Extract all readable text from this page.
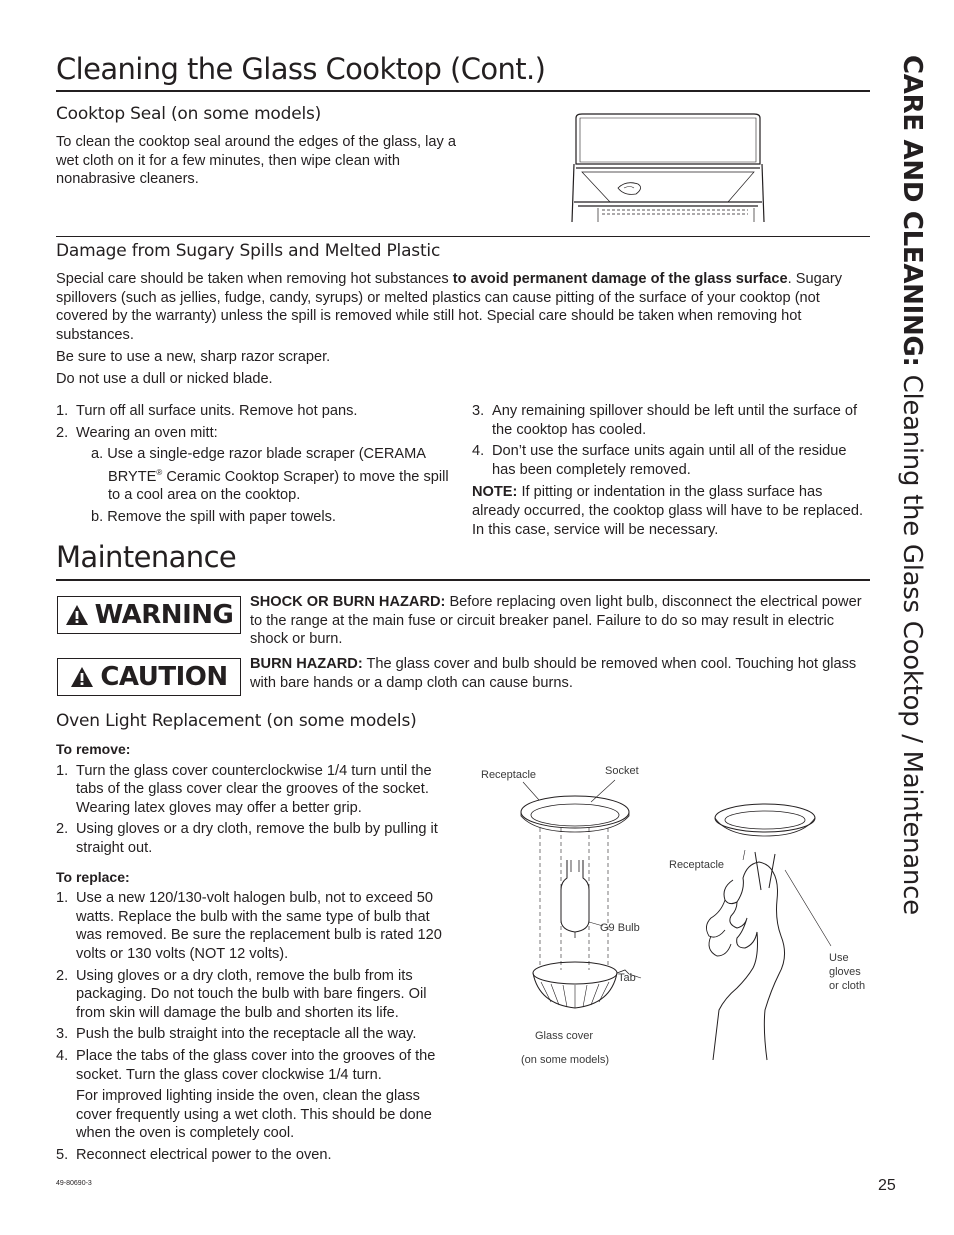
Cleaning the Glass Cooktop (Cont.)	CARE AND CLEANING: Cleaning the Glass Cooktop / Maintenance
Cooktop Seal (on some models)
To clean the cooktop seal around the edges of the glass, lay a wet cloth on it for a few minutes, then wipe clean with nonabrasive cleaners.
Damage from Sugary Spills and Melted Plastic
Special care should be taken when removing hot substances to avoid permanent damage of the glass surface. Sugary spillovers (such as jellies, fudge, candy, syrups) or melted plastics can cause pitting of the surface of your cooktop (not covered by the warranty) unless the spill is removed while still hot. Special care should be taken when removing hot substances.
Be sure to use a new, sharp razor scraper.
Do not use a dull or nicked blade.
1. Turn off all surface units. Remove hot pans.
2. Wearing an oven mitt:
a. Use a single-edge razor blade scraper (CERAMA BRYTE® Ceramic Cooktop Scraper) to move the spill to a cool area on the cooktop.
b. Remove the spill with paper towels.
3. Any remaining spillover should be left until the surface of the cooktop has cooled.
4. Don’t use the surface units again until all of the residue has been completely removed.
NOTE: If pitting or indentation in the glass surface has already occurred, the cooktop glass will have to be replaced. In this case, service will be necessary.
Maintenance
WARNING SHOCK OR BURN HAZARD: Before replacing oven light bulb, disconnect the electrical power to the range at the main fuse or circuit breaker panel. Failure to do so may result in electric shock or burn.
CAUTION BURN HAZARD: The glass cover and bulb should be removed when cool. Touching hot glass with bare hands or a damp cloth can cause burns.
Oven Light Replacement (on some models)
To remove:
1. Turn the glass cover counterclockwise 1/4 turn until the tabs of the glass cover clear the grooves of the socket. Wearing latex gloves may offer a better grip.
2. Using gloves or a dry cloth, remove the bulb by pulling it straight out.
To replace:
1. Use a new 120/130-volt halogen bulb, not to exceed 50 watts. Replace the bulb with the same type of bulb that was removed. Be sure the replacement bulb is rated 120 volts or 130 volts (NOT 12 volts).
2. Using gloves or a dry cloth, remove the bulb from its packaging. Do not touch the bulb with bare fingers. Oil from skin will damage the bulb and shorten its life.
3. Push the bulb straight into the receptacle all the way.
4. Place the tabs of the glass cover into the grooves of the socket. Turn the glass cover clockwise 1/4 turn.
For improved lighting inside the oven, clean the glass cover frequently using a wet cloth. This should be done when the oven is completely cool.
5. Reconnect electrical power to the oven.
Receptacle	Socket
G9 Bulb
Tab
Glass cover
(on some models)
Receptacle
Use
gloves
or cloth
49-80690-3	25
